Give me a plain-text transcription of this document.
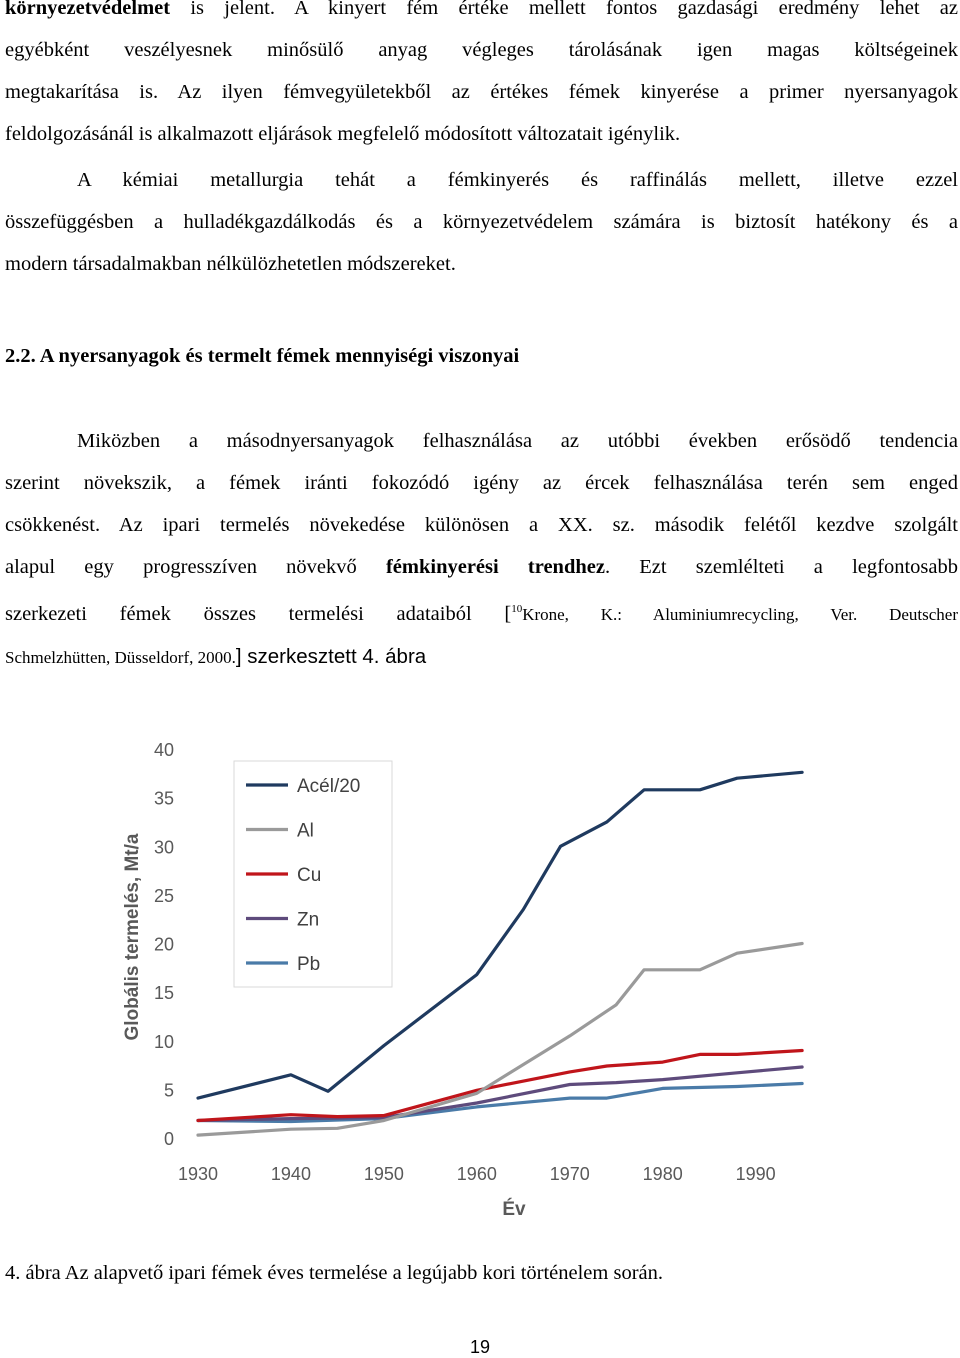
környezetvédelmet is jelent. A kinyert fém értéke mellett fontos gazdasági eredmény lehet az
egyébként veszélyesnek minősülő anyag végleges tárolásának igen magas költségeinek
megtakarítása is. Az ilyen fémvegyületekből az értékes fémek kinyerése a primer nyersanyagok
feldolgozásánál is alkalmazott eljárások megfelelő módosított változatait igénylik.
A kémiai metallurgia tehát a fémkinyerés és raffinálás mellett, illetve ezzel
összefüggésben a hulladékgazdálkodás és a környezetvédelem számára is biztosít hatékony és a
modern társadalmakban nélkülözhetetlen módszereket.
2.2. A nyersanyagok és termelt fémek mennyiségi viszonyai
Miközben a másodnyersanyagok felhasználása az utóbbi években erősödő tendencia
szerint növekszik, a fémek iránti fokozódó igény az ércek felhasználása terén sem enged
csökkenést. Az ipari termelés növekedése különösen a XX. sz. második felétől kezdve szolgált
alapul egy progresszíven növekvő fémkinyerési trendhez. Ezt szemlélteti a legfontosabb
szerkezeti fémek összes termelési adataiból [$^{10}$Krone, K.: Aluminiumrecycling, Ver. Deutscher
Schmelzhütten, Düsseldorf, 2000.] szerkesztett 4. ábra
0
5
10
15
20
25
30
35
40
1930	1940	1950	1960	1970	1980	1990
Globális termelés, Mt/a
Év
Acél/20
Al
Cu
Zn
Pb
4. ábra Az alapvető ipari fémek éves termelése a legújabb kori történelem során.
19
